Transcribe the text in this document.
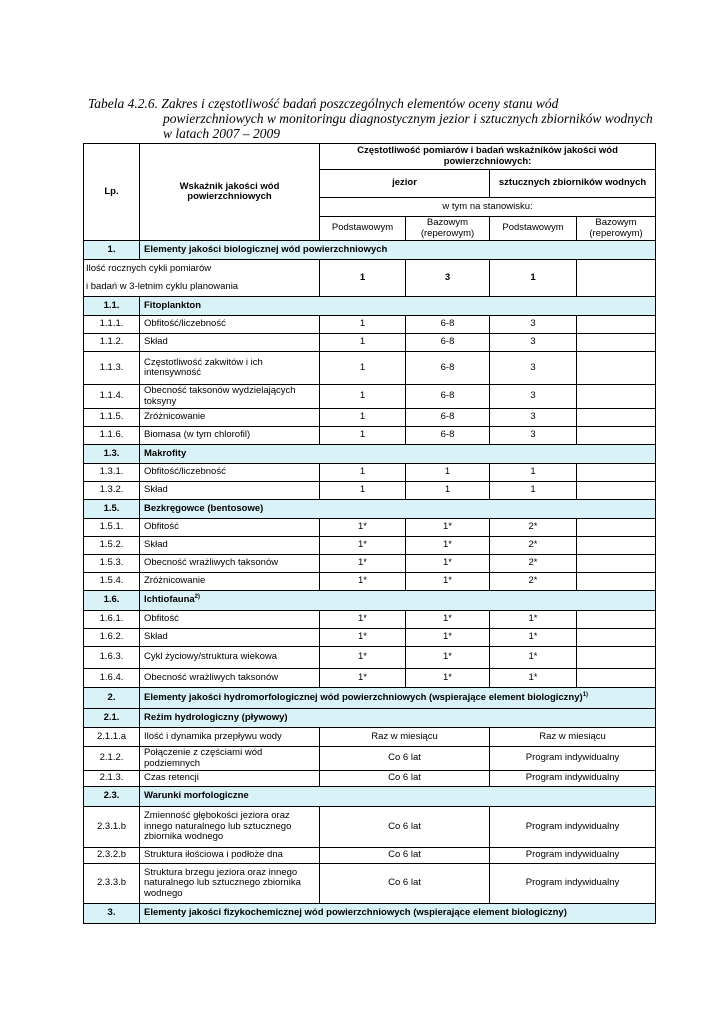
Tabela 4.2.6. Zakres i częstotliwość badań poszczególnych elementów oceny stanu wód
powierzchniowych w monitoringu diagnostycznym jezior i sztucznych zbiorników wodnych
w latach 2007 – 2009
Lp.	Wskaźnik jakości wód powierzchniowych	Częstotliwość pomiarów i badań wskaźników jakości wód powierzchniowych:			
		jezior		sztucznych zbiorników wodnych	
		w tym na stanowisku:			
		Podstawowym	Bazowym (reperowym)	Podstawowym	Bazowym (reperowym)
1.	Elementy jakości biologicznej wód powierzchniowych				

Ilość rocznych cykli pomiarów
i badań w 3-letnim cyklu planowania		1	3	1	
1.1.	Fitoplankton				
1.1.1.	Obfitość/liczebność	1	6-8	3	
1.1.2.	Skład	1	6-8	3	
1.1.3.	Częstotliwość zakwitów i ich intensywność	1	6-8	3	
1.1.4.	Obecność taksonów wydzielających toksyny	1	6-8	3	
1.1.5.	Zróżnicowanie	1	6-8	3	
1.1.6.	Biomasa (w tym chlorofil)	1	6-8	3	
1.3.	Makrofity				
1.3.1.	Obfitość/liczebność	1	1	1	
1.3.2.	Skład	1	1	1	
1.5.	Bezkręgowce (bentosowe)				
1.5.1.	Obfitość	1*	1*	2*	
1.5.2.	Skład	1*	1*	2*	
1.5.3.	Obecność wrażliwych taksonów	1*	1*	2*	
1.5.4.	Zróżnicowanie	1*	1*	2*	
1.6.	Ichtiofauna$^{2)}$
1.6.1.	Obfitość	1*	1*	1*	
1.6.2.	Skład	1*	1*	1*	
1.6.3.	Cykl życiowy/struktura wiekowa	1*	1*	1*	
1.6.4.	Obecność wrażliwych taksonów	1*	1*	1*	
2.	Elementy jakości hydromorfologicznej wód powierzchniowych (wspierające element biologiczny)$^{1)}$
2.1.	Reżim hydrologiczny (pływowy)				
2.1.1.a	Ilość i dynamika przepływu wody	Raz w miesiącu		Raz w miesiącu	
2.1.2.	Połączenie z częściami wód podziemnych	Co 6 lat		Program indywidualny	
2.1.3.	Czas retencji	Co 6 lat		Program indywidualny	
2.3.	Warunki morfologiczne				
2.3.1.b	Zmienność głębokości jeziora oraz innego naturalnego lub sztucznego zbiornika wodnego	Co 6 lat		Program indywidualny	
2.3.2.b	Struktura iłościowa i podłoże dna	Co 6 lat		Program indywidualny	
2.3.3.b	Struktura brzegu jeziora oraz innego naturalnego lub sztucznego zbiornika wodnego	Co 6 lat		Program indywidualny	
3.	Elementy jakości fizykochemicznej wód powierzchniowych (wspierające element biologiczny)				
